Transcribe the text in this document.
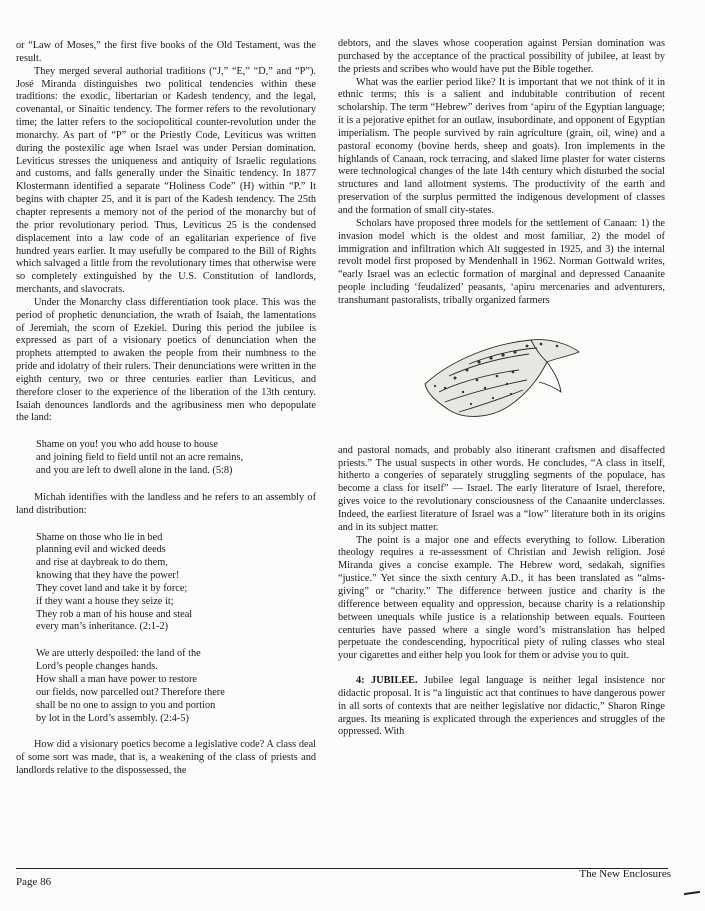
or “Law of Moses,” the first five books of the Old Testament, was the result.

They merged several authorial traditions (“J,” “E,” “D,” and “P”). José Miranda distinguishes two political tendencies within these traditions: the exodic, libertarian or Kadesh tendency, and the legal, covenantal, or Sinaitic tendency. The former refers to the revolutionary time; the latter refers to the sociopolitical counter-revolution under the monarchy. As part of “P” or the Priestly Code, Leviticus was written during the postexilic age when Israel was under Persian domination. Leviticus stresses the uniqueness and antiquity of Israelic regulations and customs, and falls generally under the Sinaitic tendency. In 1877 Klostermann identified a separate “Holiness Code” (H) within “P.” It begins with chapter 25, and it is part of the Kadesh tendency. The 25th chapter represents a memory not of the period of the monarchy but of the prior revolutionary period. Thus, Leviticus 25 is the condensed displacement into a law code of an egalitarian experience of five hundred years earlier. It may usefully be compared to the Bill of Rights which salvaged a little from the revolutionary times that otherwise were so completely extinguished by the U.S. Constitution of landlords, merchants, and slavocrats.

Under the Monarchy class differentiation took place. This was the period of prophetic denunciation, the wrath of Isaiah, the lamentations of Jeremiah, the scorn of Ezekiel. During this period the jubilee is expressed as part of a visionary poetics of denunciation when the prophets attempted to awaken the people from their numbness to the pride and idolatry of their rulers. Their denunciations were written in the eighth century, two or three centuries earlier than Leviticus, and therefore closer to the experience of the liberation of the 13th century. Isaiah denounces landlords and the agribusiness men who depopulate the land:

Shame on you! you who add house to house
and joining field to field until not an acre remains,
and you are left to dwell alone in the land. (5:8)

Michah identifies with the landless and he refers to an assembly of land distribution:

Shame on those who lie in bed
planning evil and wicked deeds
and rise at daybreak to do them,
knowing that they have the power!
They covet land and take it by force;
if they want a house they seize it;
They rob a man of his house and steal
every man’s inheritance. (2:1-2)
We are utterly despoiled: the land of the
Lord’s people changes hands.
How shall a man have power to restore
our fields, now parcelled out? Therefore there
shall be no one to assign to you and portion
by lot in the Lord’s assembly. (2:4-5)

How did a visionary poetics become a legislative code? A class deal of some sort was made, that is, a weakening of the class of priests and landlords relative to the dispossessed, the

debtors, and the slaves whose cooperation against Persian domination was purchased by the acceptance of the practical possibility of jubilee, at least by the priests and scribes who would have put the Bible together.

What was the earlier period like? It is important that we not think of it in ethnic terms; this is a salient and indubitable contribution of recent scholarship. The term “Hebrew” derives from ‘apiru of the Egyptian language; it is a pejorative epithet for an outlaw, insubordinate, and opponent of Egyptian imperialism. The people survived by rain agriculture (grain, oil, wine) and a pastoral economy (bovine herds, sheep and goats). Iron implements in the highlands of Canaan, rock terracing, and slaked lime plaster for water cisterns were technological changes of the late 14th century which disturbed the social structures and land allotment systems. The productivity of the earth and preservation of the surplus permitted the indigenous development of classes and the formation of small city-states.

Scholars have proposed three models for the settlement of Canaan: 1) the invasion model which is the oldest and most familiar, 2) the model of immigration and infiltration which Alt suggested in 1925, and 3) the internal revolt model first proposed by Mendenhall in 1962. Norman Gottwald writes, “early Israel was an eclectic formation of marginal and depressed Canaanite people including ‘feudalized’ peasants, ‘apiru mercenaries and adventurers, transhumant pastoralists, tribally organized farmers

and pastoral nomads, and probably also itinerant craftsmen and disaffected priests.” The usual suspects in other words. He concludes, “A class in itself, hitherto a congeries of separately struggling segments of the populace, has become a class for itself” — Israel. The early literature of Israel, therefore, gives voice to the revolutionary consciousness of the Canaanite underclasses. Indeed, the earliest literature of Israel was a “low” literature both in its origins and in its subject matter.

The point is a major one and effects everything to follow. Liberation theology requires a re-assessment of Christian and Jewish religion. José Miranda gives a concise example. The Hebrew word, sedakah, signifies “justice.” Yet since the sixth century A.D., it has been translated as “alms-giving” or “charity.” The difference between justice and charity is the difference between equality and oppression, because charity is a relationship between unequals while justice is a relationship between equals. Fourteen centuries have passed where a single word’s mistranslation has helped perpetuate the condescending, hypocritical piety of ruling classes who steal your cigarettes and either help you look for them or advise you to quit.

4: JUBILEE. Jubilee legal language is neither legal insistence nor didactic proposal. It is “a linguistic act that continues to have dangerous power in all sorts of contexts that are neither legislative nor didactic,” Sharon Ringe argues. Its meaning is explicated through the experiences and struggles of the oppressed. With

Page 86
The New Enclosures
